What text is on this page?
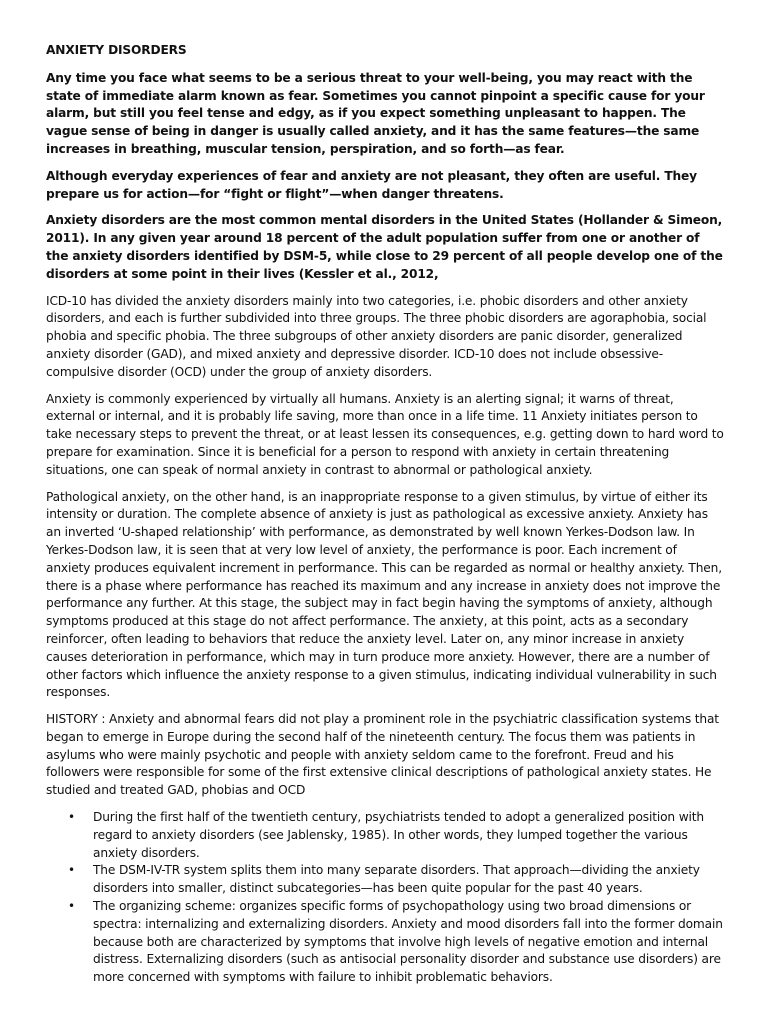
ANXIETY DISORDERS

Any time you face what seems to be a serious threat to your well-being, you may react with the state of immediate alarm known as fear. Sometimes you cannot pinpoint a specific cause for your alarm, but still you feel tense and edgy, as if you expect something unpleasant to happen. The vague sense of being in danger is usually called anxiety, and it has the same features—the same increases in breathing, muscular tension, perspiration, and so forth—as fear.

Although everyday experiences of fear and anxiety are not pleasant, they often are useful. They prepare us for action—for “fight or flight”—when danger threatens.

Anxiety disorders are the most common mental disorders in the United States (Hollander & Simeon, 2011). In any given year around 18 percent of the adult population suffer from one or another of the anxiety disorders identified by DSM-5, while close to 29 percent of all people develop one of the disorders at some point in their lives (Kessler et al., 2012,

ICD-10 has divided the anxiety disorders mainly into two categories, i.e. phobic disorders and other anxiety disorders, and each is further subdivided into three groups. The three phobic disorders are agoraphobia, social phobia and specific phobia. The three subgroups of other anxiety disorders are panic disorder, generalized anxiety disorder (GAD), and mixed anxiety and depressive disorder. ICD-10 does not include obsessive-compulsive disorder (OCD) under the group of anxiety disorders.

Anxiety is commonly experienced by virtually all humans. Anxiety is an alerting signal; it warns of threat, external or internal, and it is probably life saving, more than once in a life time. 11 Anxiety initiates person to take necessary steps to prevent the threat, or at least lessen its consequences, e.g. getting down to hard word to prepare for examination. Since it is beneficial for a person to respond with anxiety in certain threatening situations, one can speak of normal anxiety in contrast to abnormal or pathological anxiety.

Pathological anxiety, on the other hand, is an inappropriate response to a given stimulus, by virtue of either its intensity or duration. The complete absence of anxiety is just as pathological as excessive anxiety. Anxiety has an inverted ‘U-shaped relationship’ with performance, as demonstrated by well known Yerkes-Dodson law. In Yerkes-Dodson law, it is seen that at very low level of anxiety, the performance is poor. Each increment of anxiety produces equivalent increment in performance. This can be regarded as normal or healthy anxiety. Then, there is a phase where performance has reached its maximum and any increase in anxiety does not improve the performance any further. At this stage, the subject may in fact begin having the symptoms of anxiety, although symptoms produced at this stage do not affect performance. The anxiety, at this point, acts as a secondary reinforcer, often leading to behaviors that reduce the anxiety level. Later on, any minor increase in anxiety causes deterioration in performance, which may in turn produce more anxiety. However, there are a number of other factors which influence the anxiety response to a given stimulus, indicating individual vulnerability in such responses.

HISTORY : Anxiety and abnormal fears did not play a prominent role in the psychiatric classification systems that began to emerge in Europe during the second half of the nineteenth century. The focus them was patients in asylums who were mainly psychotic and people with anxiety seldom came to the forefront. Freud and his followers were responsible for some of the first extensive clinical descriptions of pathological anxiety states. He studied and treated GAD, phobias and OCD

• During the first half of the twentieth century, psychiatrists tended to adopt a generalized position with regard to anxiety disorders (see Jablensky, 1985). In other words, they lumped together the various anxiety disorders.
• The DSM-IV-TR system splits them into many separate disorders. That approach—dividing the anxiety disorders into smaller, distinct subcategories—has been quite popular for the past 40 years.
• The organizing scheme: organizes specific forms of psychopathology using two broad dimensions or spectra: internalizing and externalizing disorders. Anxiety and mood disorders fall into the former domain because both are characterized by symptoms that involve high levels of negative emotion and internal distress. Externalizing disorders (such as antisocial personality disorder and substance use disorders) are more concerned with symptoms with failure to inhibit problematic behaviors.
